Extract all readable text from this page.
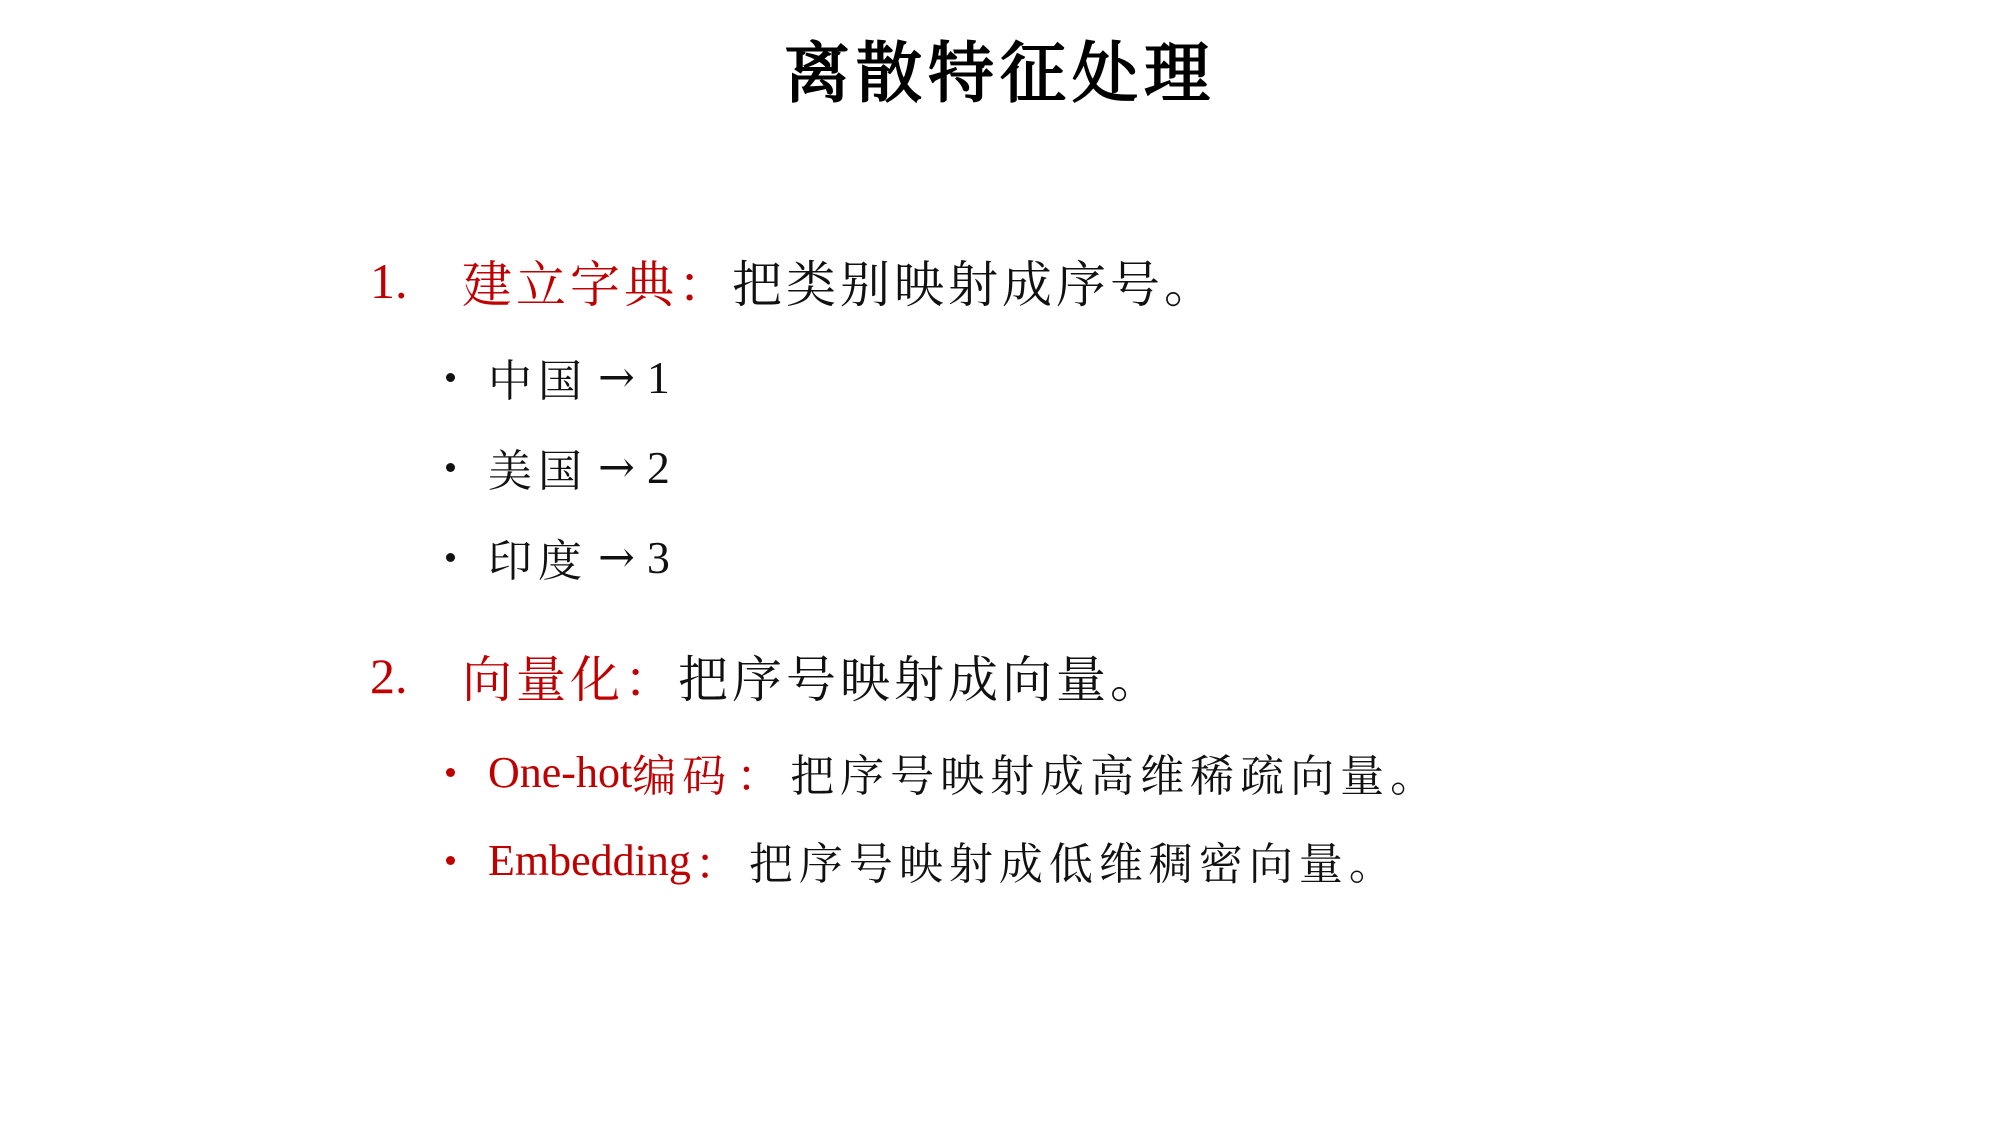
离散特征处理
1.	建立字典 ： 把类别映射成序号。
中国 → 1
美国 → 2
印度 → 3
2.	向量化 ： 把序号映射成向量。
One-hot 编码 ： 把序号映射成高维稀疏向量。
Embedding ： 把序号映射成低维稠密向量。
